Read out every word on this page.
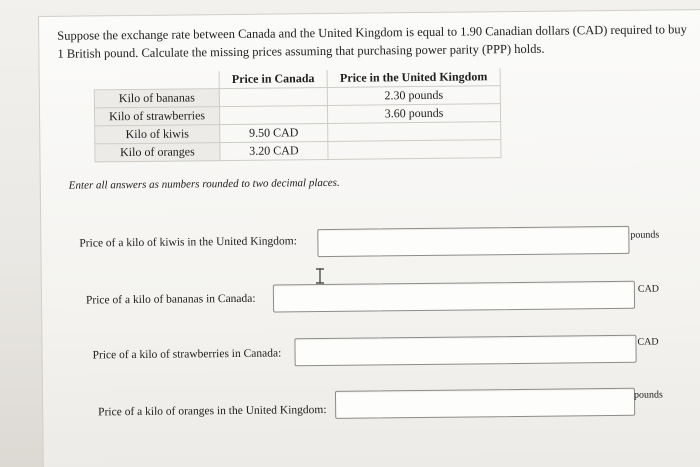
Suppose the exchange rate between Canada and the United Kingdom is equal to 1.90 Canadian dollars (CAD) required to buy 1 British pound. Calculate the missing prices assuming that purchasing power parity (PPP) holds.
	Price in Canada	Price in the United Kingdom
Kilo of bananas		2.30 pounds
Kilo of strawberries		3.60 pounds
Kilo of kiwis	9.50 CAD	
Kilo of oranges	3.20 CAD	
Enter all answers as numbers rounded to two decimal places.
Price of a kilo of kiwis in the United Kingdom:
pounds
Price of a kilo of bananas in Canada:
CAD
Price of a kilo of strawberries in Canada:
CAD
Price of a kilo of oranges in the United Kingdom:
pounds
